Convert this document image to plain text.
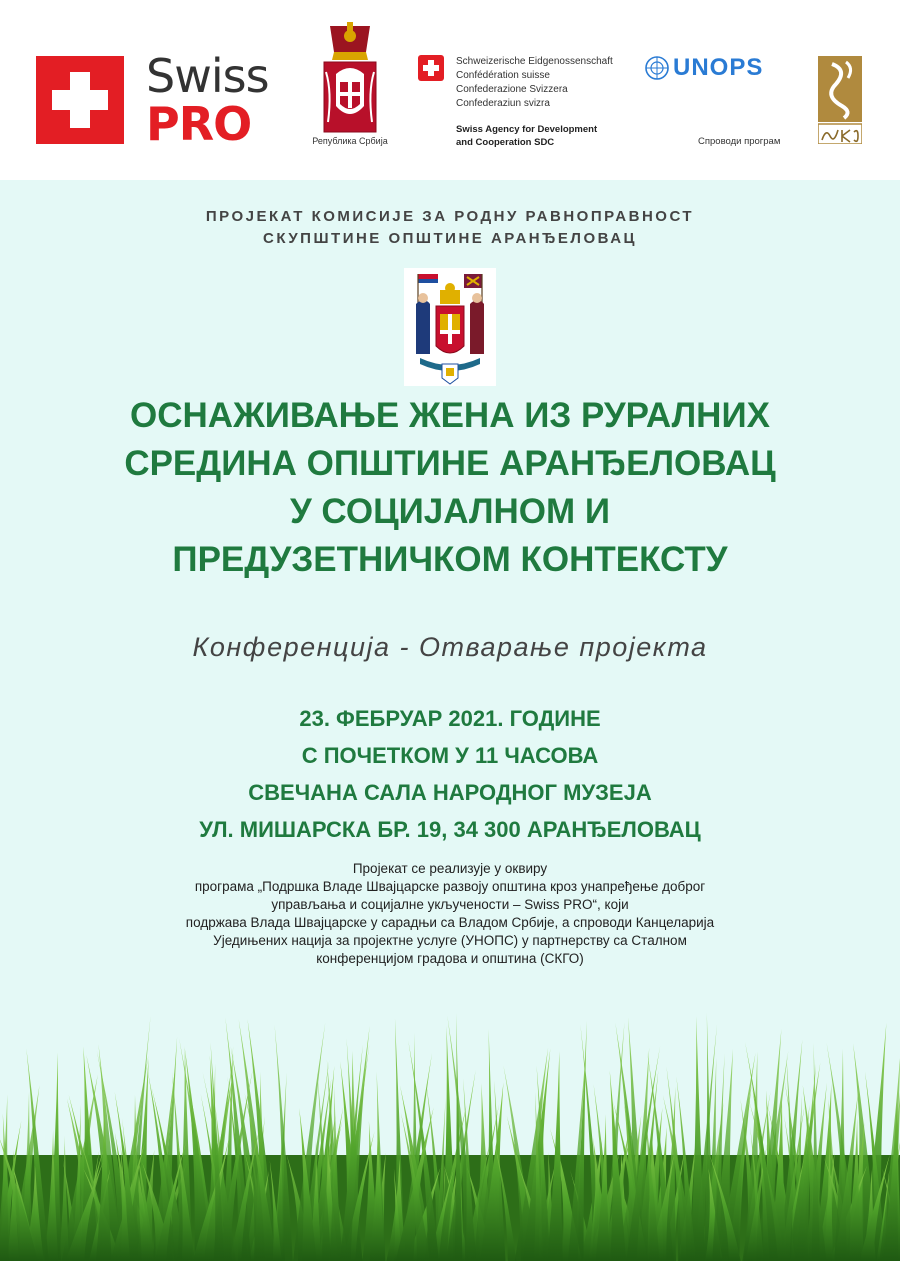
Swiss
PRO	Република Србија
Schweizerische Eidgenossenschaft
Confédération suisse
Confederazione Svizzera
Confederaziun svizra
Swiss Agency for Development
and Cooperation SDC
UNOPS
Спроводи програм
ПРОЈЕКАТ КОМИСИЈЕ ЗА РОДНУ РАВНОПРАВНОСТ
СКУПШТИНЕ ОПШТИНЕ АРАНЂЕЛОВАЦ
ОСНАЖИВАЊЕ ЖЕНА ИЗ РУРАЛНИХ
СРЕДИНА ОПШТИНЕ АРАНЂЕЛОВАЦ
У СОЦИЈАЛНОМ И
ПРЕДУЗЕТНИЧКОМ КОНТЕКСТУ
Конференција - Отварање пројекта
23. ФЕБРУАР 2021. ГОДИНЕ
С ПОЧЕТКОМ У 11 ЧАСОВА
СВЕЧАНА САЛА НАРОДНОГ МУЗЕЈА
УЛ. МИШАРСКА БР. 19, 34 300 АРАНЂЕЛОВАЦ
Пројекат се реализује у оквиру
програма „Подршка Владе Швајцарске развоју општина кроз унапређење доброг
управљања и социјалне укључености – Swiss PRO“, који
подржава Влада Швајцарске у сарадњи са Владом Србије, а спроводи Канцеларија
Уједињених нација за пројектне услуге (УНОПС) у партнерству са Сталном
конференцијом градова и општина (СКГО)
